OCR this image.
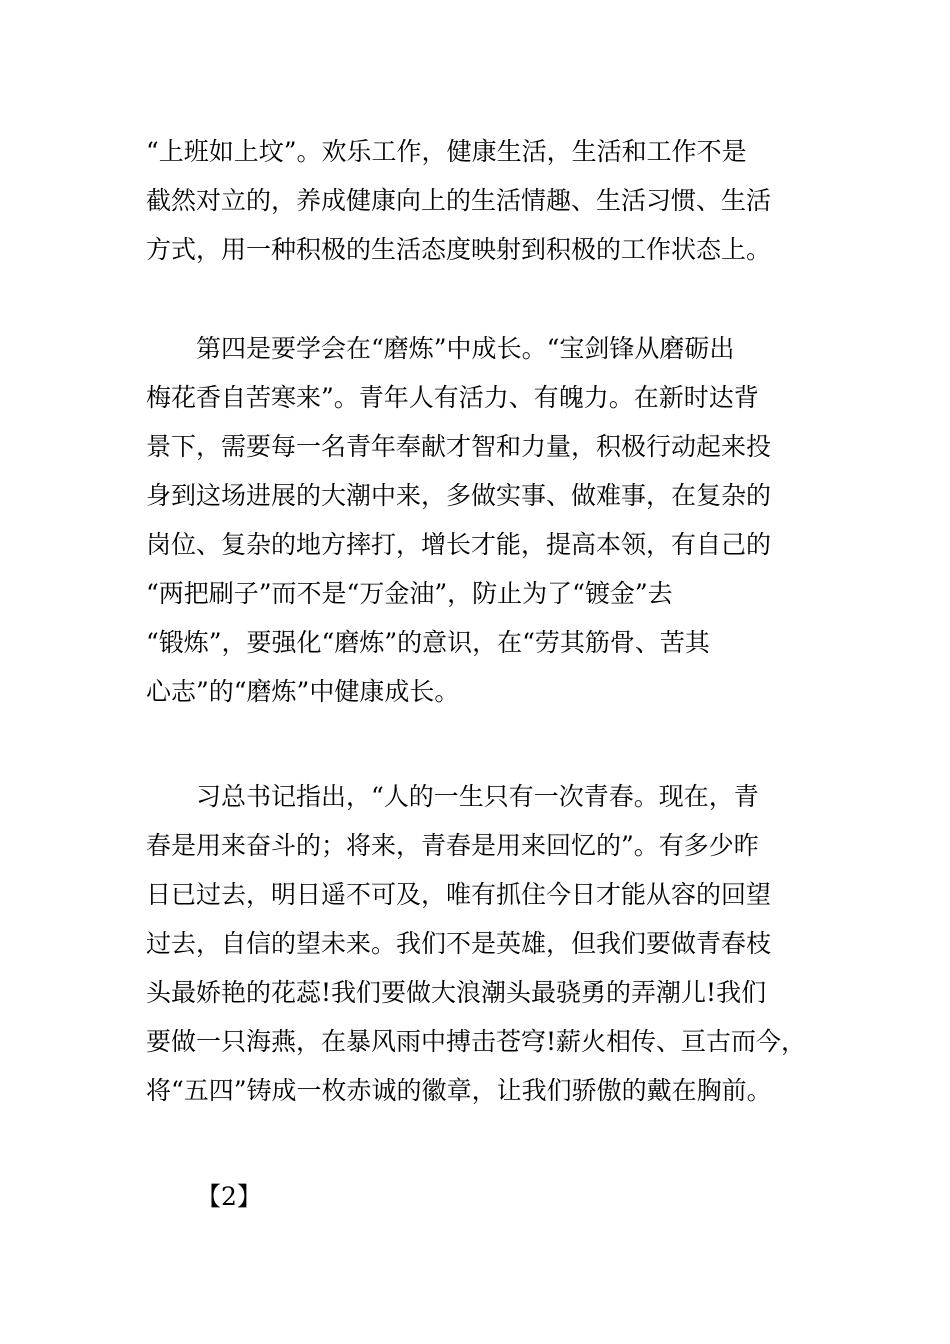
“上班如上坟”。欢乐工作，健康生活，生活和工作不是
截然对立的，养成健康向上的生活情趣、生活习惯、生活
方式，用一种积极的生活态度映射到积极的工作状态上。
第四是要学会在“磨炼”中成长。“宝剑锋从磨砺出
梅花香自苦寒来”。青年人有活力、有魄力。在新时达背
景下，需要每一名青年奉献才智和力量，积极行动起来投
身到这场进展的大潮中来，多做实事、做难事，在复杂的
岗位、复杂的地方摔打，增长才能，提高本领，有自己的
“两把刷子”而不是“万金油”，防止为了“镀金”去
“锻炼”，要强化“磨炼”的意识，在“劳其筋骨、苦其
心志”的“磨炼”中健康成长。
习总书记指出，“人的一生只有一次青春。现在，青
春是用来奋斗的；将来，青春是用来回忆的”。有多少昨
日已过去，明日遥不可及，唯有抓住今日才能从容的回望
过去，自信的望未来。我们不是英雄，但我们要做青春枝
头最娇艳的花蕊!我们要做大浪潮头最骁勇的弄潮儿!我们
要做一只海燕，在暴风雨中搏击苍穹!薪火相传、亘古而今，
将“五四”铸成一枚赤诚的徽章，让我们骄傲的戴在胸前。
【2】
